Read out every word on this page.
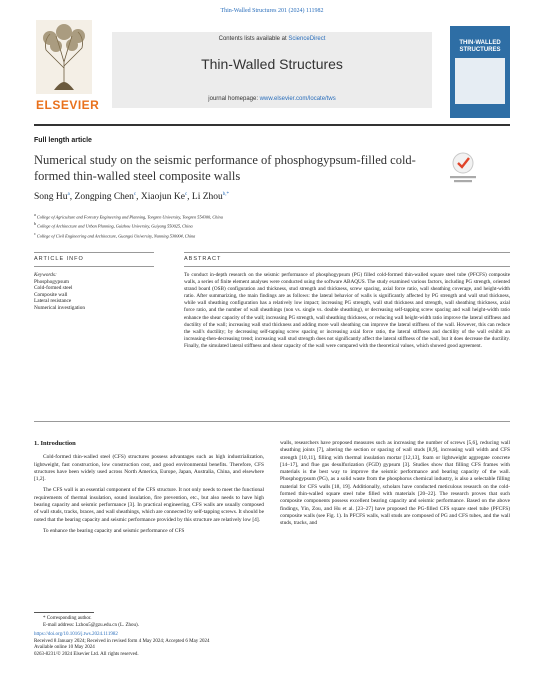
Thin-Walled Structures 201 (2024) 111982
ELSEVIER
Contents lists available at ScienceDirect
Thin-Walled Structures
journal homepage: www.elsevier.com/locate/tws
THIN-WALLED STRUCTURES
Full length article
Numerical study on the seismic performance of phosphogypsum-filled cold-formed thin-walled steel composite walls
Song Hu$^a$, Zongping Chen$^c$, Xiaojun Ke$^c$, Li Zhou$^{b,*}$
$^a$ College of Agriculture and Forestry Engineering and Planning, Tongren University, Tongren 554300, China
$^b$ College of Architecture and Urban Planning, Guizhou University, Guiyang 550025, China
$^c$ College of Civil Engineering and Architecture, Guangxi University, Nanning 530004, China
ARTICLE INFO	ABSTRACT
Keywords:
Phosphogypsum
Cold-formed steel
Composite wall
Lateral resistance
Numerical investigation
To conduct in-depth research on the seismic performance of phosphogypsum (PG) filled cold-formed thin-walled square steel tube (PFCFS) composite walls, a series of finite element analyses were conducted using the software ABAQUS. The study examined various factors, including PG strength, oriented strand board (OSB) configuration and thickness, stud strength and thickness, screw spacing, axial force ratio, wall sheathing coverage, and height-width ratio. After summarizing, the main findings are as follows: the lateral behavior of walls is significantly affected by PG strength and wall stud thickness, while wall sheathing configuration has a relatively low impact; increasing PG strength, wall stud thickness and strength, wall sheathing thickness, axial force ratio, and the number of wall sheathings (non vs. single vs. double sheathing), or decreasing self-tapping screw spacing and wall height-width ratio enhance the shear capacity of the wall; increasing PG strength, wall sheathing thickness, or reducing wall height-width ratio improve the lateral stiffness and ductility of the wall; increasing wall stud thickness and adding more wall sheathing can improve the lateral stiffness of the wall. However, this can reduce the wall's ductility; by decreasing self-tapping screw spacing or increasing axial force ratio, the lateral stiffness and ductility of the wall exhibit an increasing-then-decreasing trend; increasing wall stud strength does not significantly affect the lateral stiffness of the wall, but it does decrease the ductility. Finally, the simulated lateral stiffness and shear capacity of the wall were compared with the theoretical values, which showed good agreement.

1. Introduction

Cold-formed thin-walled steel (CFS) structures possess advantages such as high industrialization, lightweight, fast construction, low construction cost, and good environmental benefits. Therefore, CFS structures have been widely used across North America, Europe, Japan, Australia, China, and elsewhere [1,2].

The CFS wall is an essential component of the CFS structure. It not only needs to meet the functional requirements of thermal insulation, sound insulation, fire prevention, etc., but also needs to have high bearing capacity and seismic performance [3]. In practical engineering, CFS walls are usually composed of wall studs, tracks, braces, and wall sheathings, which are connected by self-tapping screws. It should be noted that the bearing capacity and seismic performance provided by this structure are relatively low [4].

To enhance the bearing capacity and seismic performance of CFS

walls, researchers have proposed measures such as increasing the number of screws [5,6], reducing wall sheathing joints [7], altering the section or spacing of wall studs [8,9], increasing wall width and CFS strength [10,11], filling with thermal insulation mortar [12,13], foam or lightweight aggregate concrete [14–17], and flue gas desulfurization (FGD) gypsum [3]. Studies show that filling CFS frames with materials is the best way to improve the seismic performance and bearing capacity of the wall. Phosphogypsum (PG), as a solid waste from the phosphorus chemical industry, is also a selectable filling material for CFS walls [18, 19]. Additionally, scholars have conducted meticulous research on the cold-formed thin-walled square steel tube filled with materials [20–22]. The research proves that such composite components possess excellent bearing capacity and seismic performance. Based on the above findings, Yin, Zou, and Hu et al. [23–27] have proposed the PG-filled CFS square steel tube (PFCFS) composite walls (see Fig. 1). In PFCFS walls, wall studs are composed of PG and CFS tubes, and the wall studs, tracks, and

* Corresponding author.
E-mail address: Lzhou5@gzu.edu.cn (L. Zhou).
https://doi.org/10.1016/j.tws.2024.111982
Received 8 January 2024; Received in revised form 4 May 2024; Accepted 6 May 2024
Available online 10 May 2024
0263-8231/© 2024 Elsevier Ltd. All rights reserved.
